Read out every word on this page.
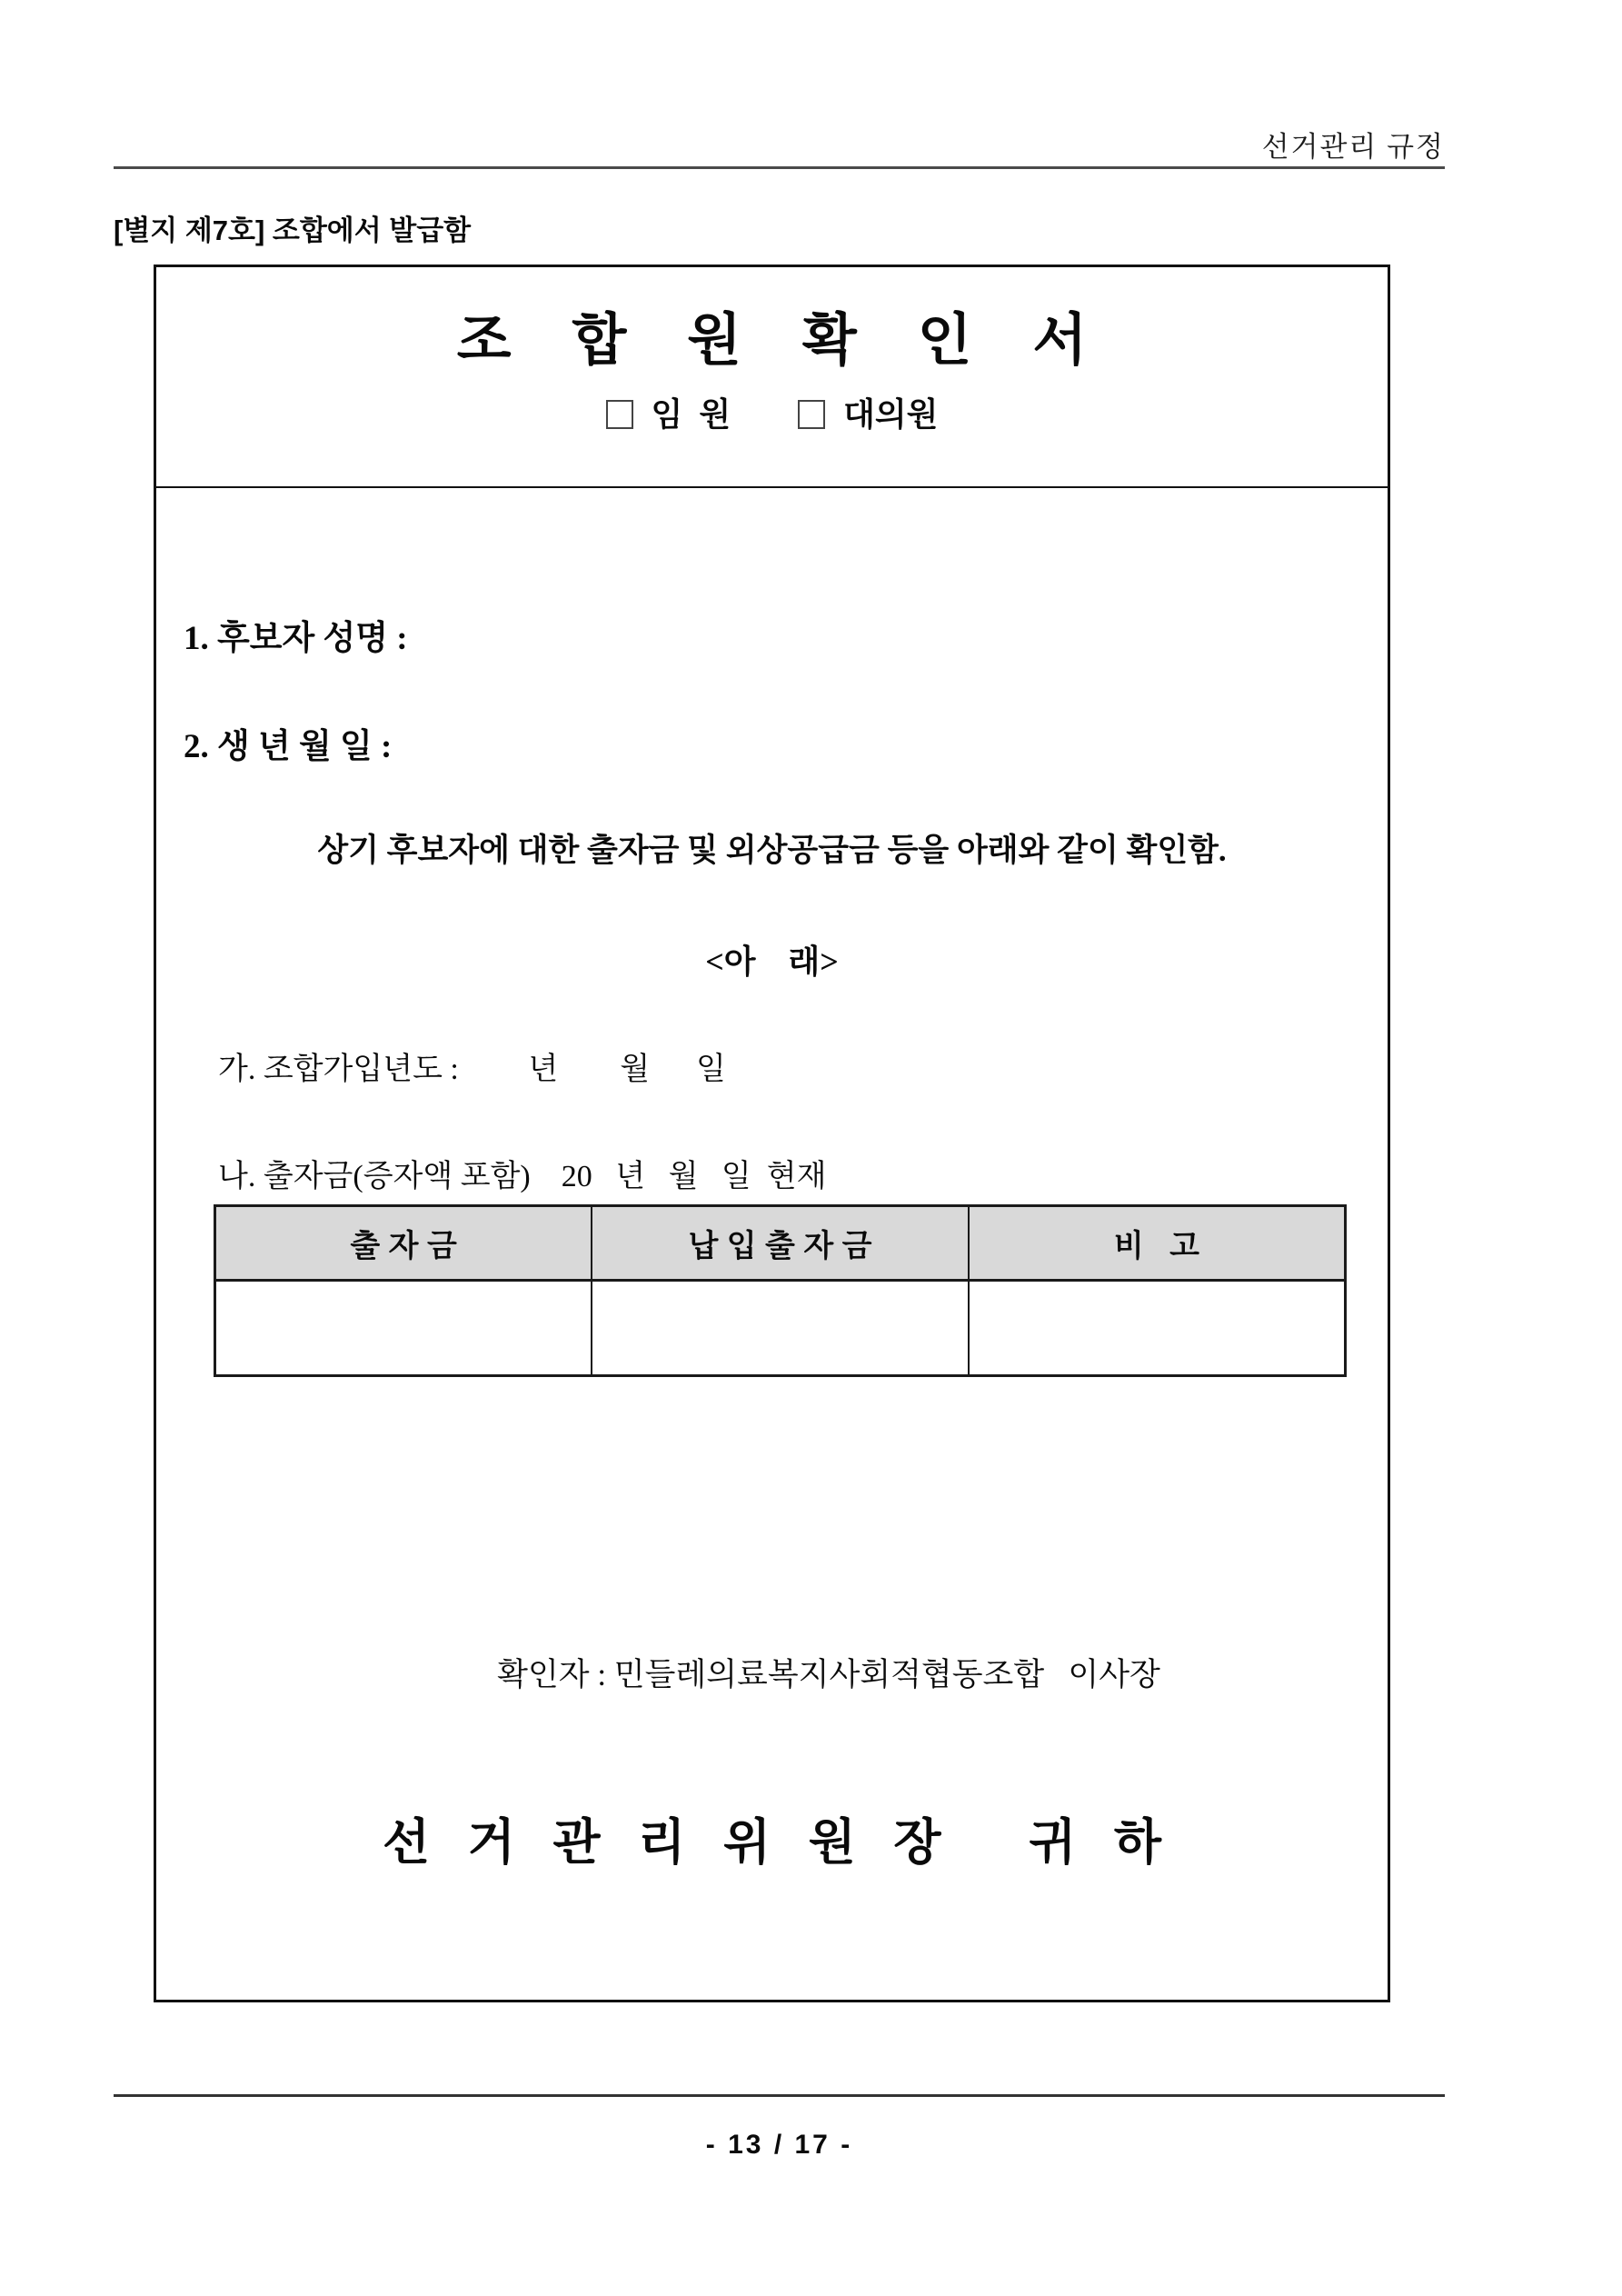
선거관리 규정
[별지 제7호] 조합에서 발급함
조 합 원 확 인 서
임  원	대의원
1. 후보자 성명 :
2. 생 년 월 일 :
상기 후보자에 대한 출자금 및 외상공급금 등을 아래와 같이 확인함.
<아    래>
가. 조합가입년도 :         년        월      일
나. 출자금(증자액 포함)    20   년   월   일  현재
출 자 금	납 입 출 자 금	비   고

확인자 : 민들레의료복지사회적협동조합   이사장
선 거 관 리 위 원 장   귀 하
- 13 / 17 -
